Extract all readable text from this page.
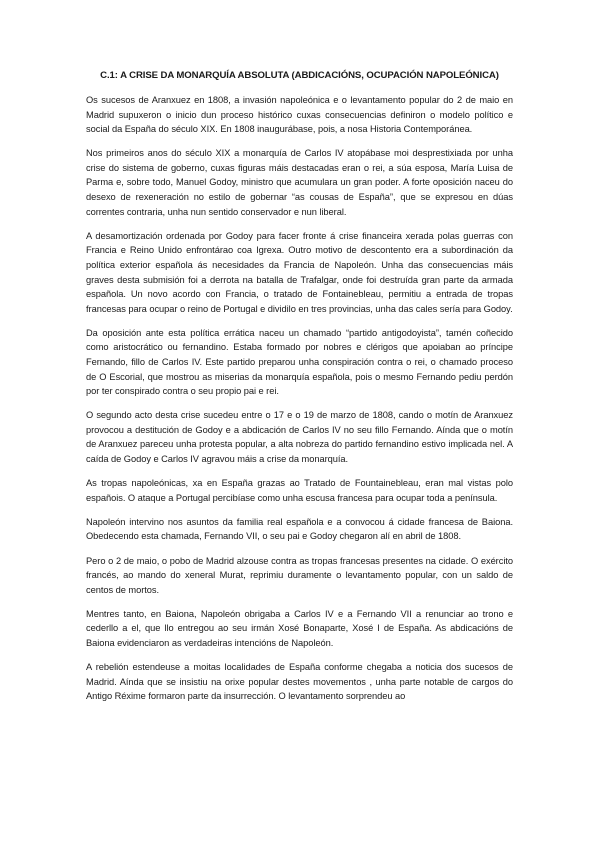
C.1: A CRISE DA MONARQUÍA ABSOLUTA (ABDICACIÓNS, OCUPACIÓN NAPOLEÓNICA)

Os sucesos de Aranxuez en 1808, a invasión napoleónica e o levantamento popular do 2 de maio en Madrid supuxeron o inicio dun proceso histórico cuxas consecuencias definiron o modelo político e social da España do século XIX. En 1808 inaugurábase, pois, a nosa Historia Contemporánea.

Nos primeiros anos do século XIX a monarquía de Carlos IV atopábase moi desprestixiada por unha crise do sistema de goberno, cuxas figuras máis destacadas eran o rei, a súa esposa, María Luisa de Parma e, sobre todo, Manuel Godoy, ministro que acumulara un gran poder. A forte oposición naceu do desexo de rexeneración no estilo de gobernar “as cousas de España”, que se expresou en dúas correntes contraria, unha nun sentido conservador e nun liberal.

A desamortización ordenada por Godoy para facer fronte á crise financeira xerada polas guerras con Francia e Reino Unido enfrontárao coa Igrexa. Outro motivo de descontento era a subordinación da política exterior española ás necesidades da Francia de Napoleón. Unha das consecuencias máis graves desta submisión foi a derrota na batalla de Trafalgar, onde foi destruída gran parte da armada española. Un novo acordo con Francia, o tratado de Fontainebleau, permitiu a entrada de tropas francesas para ocupar o reino de Portugal e dividilo en tres provincias, unha das cales sería para Godoy.

Da oposición ante esta política errática naceu un chamado “partido antigodoyista”, tamén coñecido como aristocrático ou fernandino. Estaba formado por nobres e clérigos que apoiaban ao príncipe Fernando, fillo de Carlos IV. Este partido preparou unha conspiración contra o rei, o chamado proceso de O Escorial, que mostrou as miserias da monarquía española, pois o mesmo Fernando pediu perdón por ter conspirado contra o seu propio pai e rei.

O segundo acto desta crise sucedeu entre o 17 e o 19 de marzo de 1808, cando o motín de Aranxuez provocou a destitución de Godoy e a abdicación de Carlos IV no seu fillo Fernando. Aínda que o motín de Aranxuez pareceu unha protesta popular, a alta nobreza do partido fernandino estivo implicada nel. A caída de Godoy e Carlos IV agravou máis a crise da monarquía.

As tropas napoleónicas, xa en España grazas ao Tratado de Fountainebleau, eran mal vistas polo españois. O ataque a Portugal percibíase como unha escusa francesa para ocupar toda a península.

Napoleón intervino nos asuntos da familia real española e a convocou á cidade francesa de Baiona. Obedecendo esta chamada, Fernando VII, o seu pai e Godoy chegaron alí en abril de 1808.

Pero o 2 de maio, o pobo de Madrid alzouse contra as tropas francesas presentes na cidade. O exército francés, ao mando do xeneral Murat, reprimiu duramente o levantamento popular, con un saldo de centos de mortos.

Mentres tanto, en Baiona, Napoleón obrigaba a Carlos IV e a Fernando VII a renunciar ao trono e cederllo a el, que llo entregou ao seu irmán Xosé Bonaparte, Xosé I de España. As abdicacións de Baiona evidenciaron as verdadeiras intencións de Napoleón.

A rebelión estendeuse a moitas localidades de España conforme chegaba a noticia dos sucesos de Madrid. Aínda que se insistiu na orixe popular destes movementos , unha parte notable de cargos do Antigo Réxime formaron parte da insurrección. O levantamento sorprendeu ao
